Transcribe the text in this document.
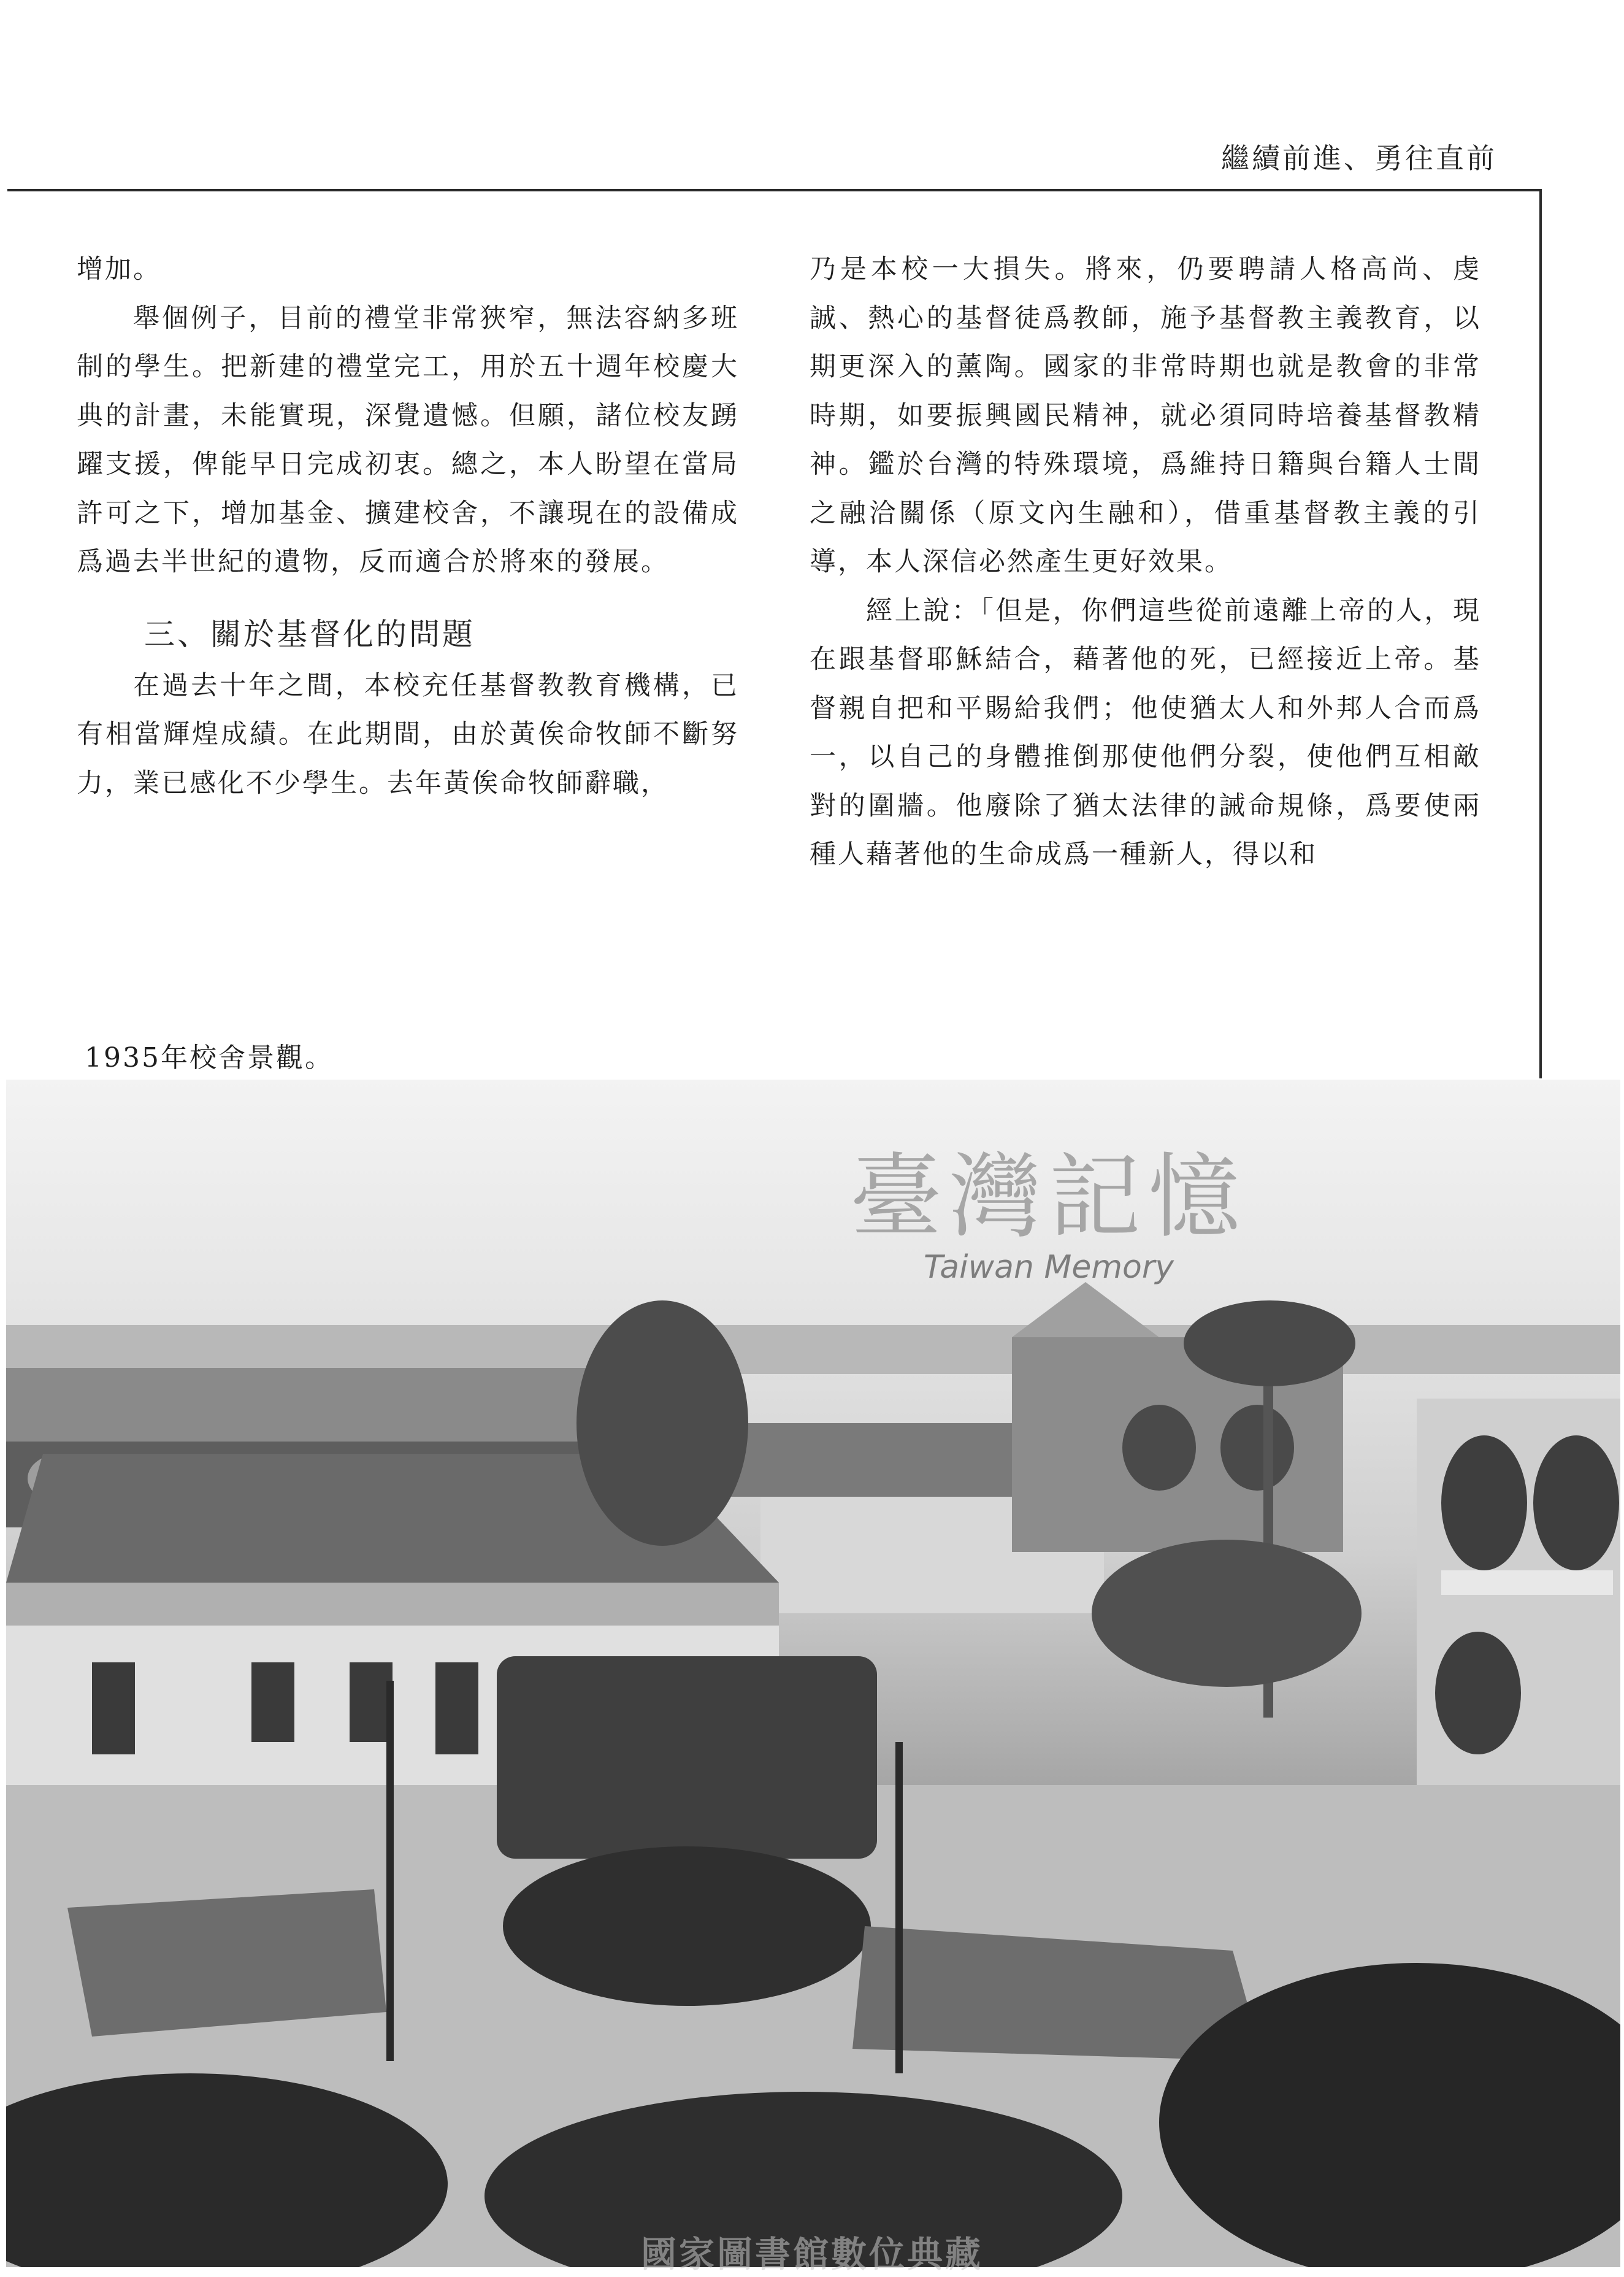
繼續前進、勇往直前

增加。

舉個例子，目前的禮堂非常狹窄，無法容納多班制的學生。把新建的禮堂完工，用於五十週年校慶大典的計畫，未能實現，深覺遺憾。但願，諸位校友踴躍支援，俾能早日完成初衷。總之，本人盼望在當局許可之下，增加基金、擴建校舍，不讓現在的設備成爲過去半世紀的遺物，反而適合於將來的發展。

三、關於基督化的問題

在過去十年之間，本校充任基督教教育機構，已有相當輝煌成績。在此期間，由於黃俟命牧師不斷努力，業已感化不少學生。去年黃俟命牧師辭職，

乃是本校一大損失。將來，仍要聘請人格高尚、虔誠、熱心的基督徒爲教師，施予基督教主義教育，以期更深入的薰陶。國家的非常時期也就是教會的非常時期，如要振興國民精神，就必須同時培養基督教精神。鑑於台灣的特殊環境，爲維持日籍與台籍人士間之融洽關係（原文內生融和），借重基督教主義的引導，本人深信必然產生更好效果。

經上說：「但是，你們這些從前遠離上帝的人，現在跟基督耶穌結合，藉著他的死，已經接近上帝。基督親自把和平賜給我們；他使猶太人和外邦人合而爲一，以自己的身體推倒那使他們分裂，使他們互相敵對的圍牆。他廢除了猶太法律的誡命規條，爲要使兩種人藉著他的生命成爲一種新人，得以和

1935年校舍景觀。
臺灣記憶
Taiwan Memory
國家圖書館數位典藏
